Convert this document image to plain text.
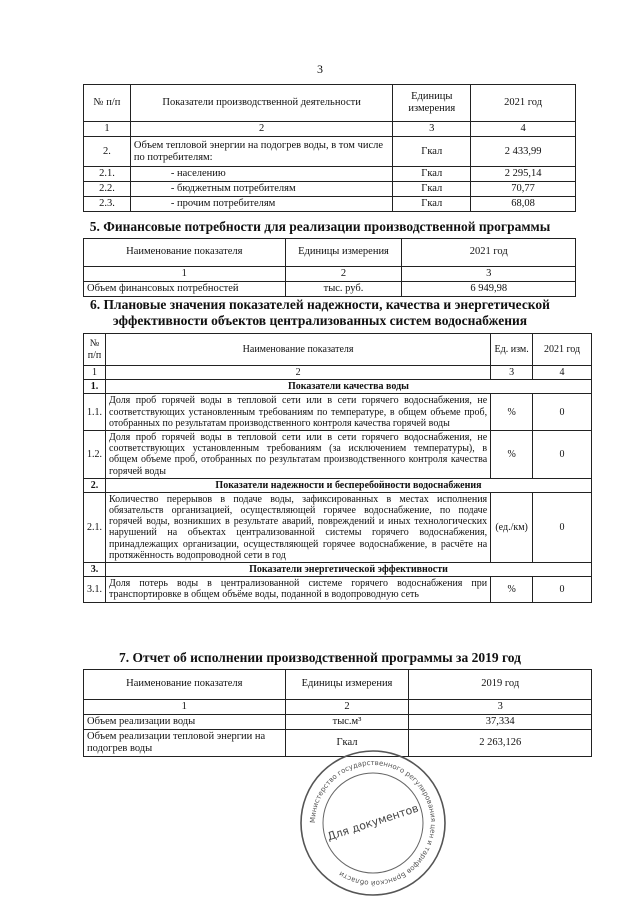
3
№ п/п	Показатели производственной деятельности	Единицы измерения	2021 год
1	2	3	4
2.	Объем тепловой энергии на подогрев воды, в том числе по потребителям:	Гкал	2 433,99
2.1.	- населению	Гкал	2 295,14
2.2.	- бюджетным потребителям	Гкал	70,77
2.3.	- прочим потребителям	Гкал	68,08
5. Финансовые потребности для реализации производственной программы
Наименование показателя	Единицы измерения	2021 год
1	2	3
Объем финансовых потребностей	тыс. руб.	6 949,98
6. Плановые значения показателей надежности, качества и энергетической
эффективности объектов централизованных систем водоснабжения
№ п/п	Наименование показателя	Ед. изм.	2021 год
1	2	3	4
1.	Показатели качества воды		
1.1.	Доля проб горячей воды в тепловой сети или в сети горячего водоснабжения, не соответствующих установленным требованиям по температуре, в общем объеме проб, отобранных по результатам производственного контроля качества горячей воды	%	0
1.2.	Доля проб горячей воды в тепловой сети или в сети горячего водоснабжения, не соответствующих установленным требованиям (за исключением температуры), в общем объеме проб, отобранных по результатам производственного контроля качества горячей воды	%	0
2.	Показатели надежности и бесперебойности водоснабжения		
2.1.	Количество перерывов в подаче воды, зафиксированных в местах исполнения обязательств организацией, осуществляющей горячее водоснабжение, по подаче горячей воды, возникших в результате аварий, повреждений и иных технологических нарушений на объектах централизованной системы горячего водоснабжения, принадлежащих организации, осуществляющей горячее водоснабжение, в расчёте на протяжённость водопроводной сети в год	(ед./км)	0
3.	Показатели энергетической эффективности		
3.1.	Доля потерь воды в централизованной системе горячего водоснабжения при транспортировке в общем объёме воды, поданной в водопроводную сеть	%	0
7. Отчет об исполнении производственной программы за 2019 год
Наименование показателя	Единицы измерения	2019 год
1	2	3
Объем реализации воды	тыс.м³	37,334
Объем реализации тепловой энергии на подогрев воды	Гкал	2 263,126
Министерство государственного регулирования цен и тарифов Брянской области
Для документов
